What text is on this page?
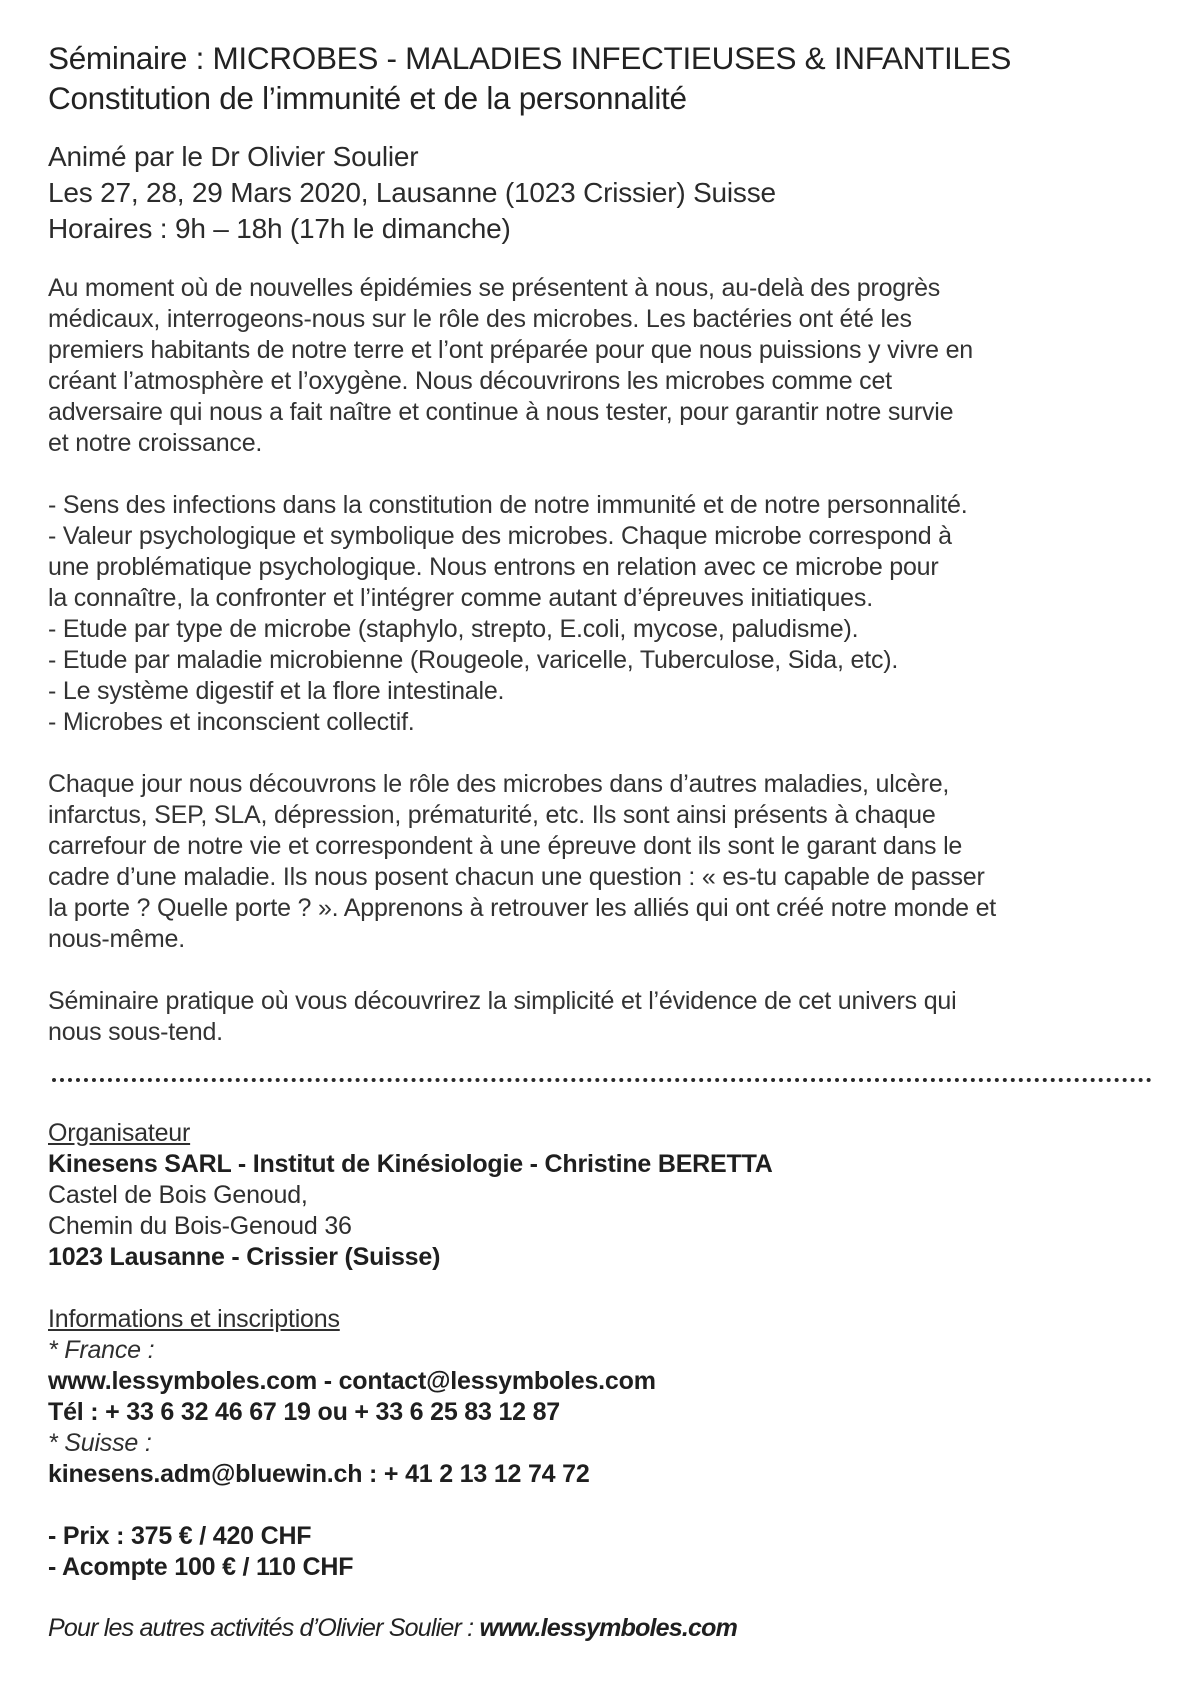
Séminaire : MICROBES - MALADIES INFECTIEUSES & INFANTILES
Constitution de l’immunité et de la personnalité
Animé par le Dr Olivier Soulier
Les 27, 28, 29 Mars 2020, Lausanne (1023 Crissier) Suisse
Horaires : 9h – 18h (17h le dimanche)
Au moment où de nouvelles épidémies se présentent à nous, au-delà des progrès
médicaux, interrogeons-nous sur le rôle des microbes. Les bactéries ont été les
premiers habitants de notre terre et l’ont préparée pour que nous puissions y vivre en
créant l’atmosphère et l’oxygène. Nous découvrirons les microbes comme cet
adversaire qui nous a fait naître et continue à nous tester, pour garantir notre survie
et notre croissance.
- Sens des infections dans la constitution de notre immunité et de notre personnalité.
- Valeur psychologique et symbolique des microbes. Chaque microbe correspond à
une problématique psychologique. Nous entrons en relation avec ce microbe pour
la connaître, la confronter et l’intégrer comme autant d’épreuves initiatiques.
- Etude par type de microbe (staphylo, strepto, E.coli, mycose, paludisme).
- Etude par maladie microbienne (Rougeole, varicelle, Tuberculose, Sida, etc).
- Le système digestif et la flore intestinale.
- Microbes et inconscient collectif.
Chaque jour nous découvrons le rôle des microbes dans d’autres maladies, ulcère,
infarctus, SEP, SLA, dépression, prématurité, etc. Ils sont ainsi présents à chaque
carrefour de notre vie et correspondent à une épreuve dont ils sont le garant dans le
cadre d’une maladie. Ils nous posent chacun une question : « es-tu capable de passer
la porte ? Quelle porte ? ». Apprenons à retrouver les alliés qui ont créé notre monde et
nous-même.
Séminaire pratique où vous découvrirez la simplicité et l’évidence de cet univers qui
nous sous-tend.
Organisateur
Kinesens SARL - Institut de Kinésiologie - Christine BERETTA
Castel de Bois Genoud,
Chemin du Bois-Genoud 36
1023 Lausanne - Crissier (Suisse)
Informations et inscriptions
* France :
www.lessymboles.com - contact@lessymboles.com
Tél : + 33 6 32 46 67 19 ou + 33 6 25 83 12 87
* Suisse :
kinesens.adm@bluewin.ch : + 41 2 13 12 74 72
- Prix : 375 € / 420 CHF
- Acompte 100 € / 110 CHF
Pour les autres activités d’Olivier Soulier : www.lessymboles.com
